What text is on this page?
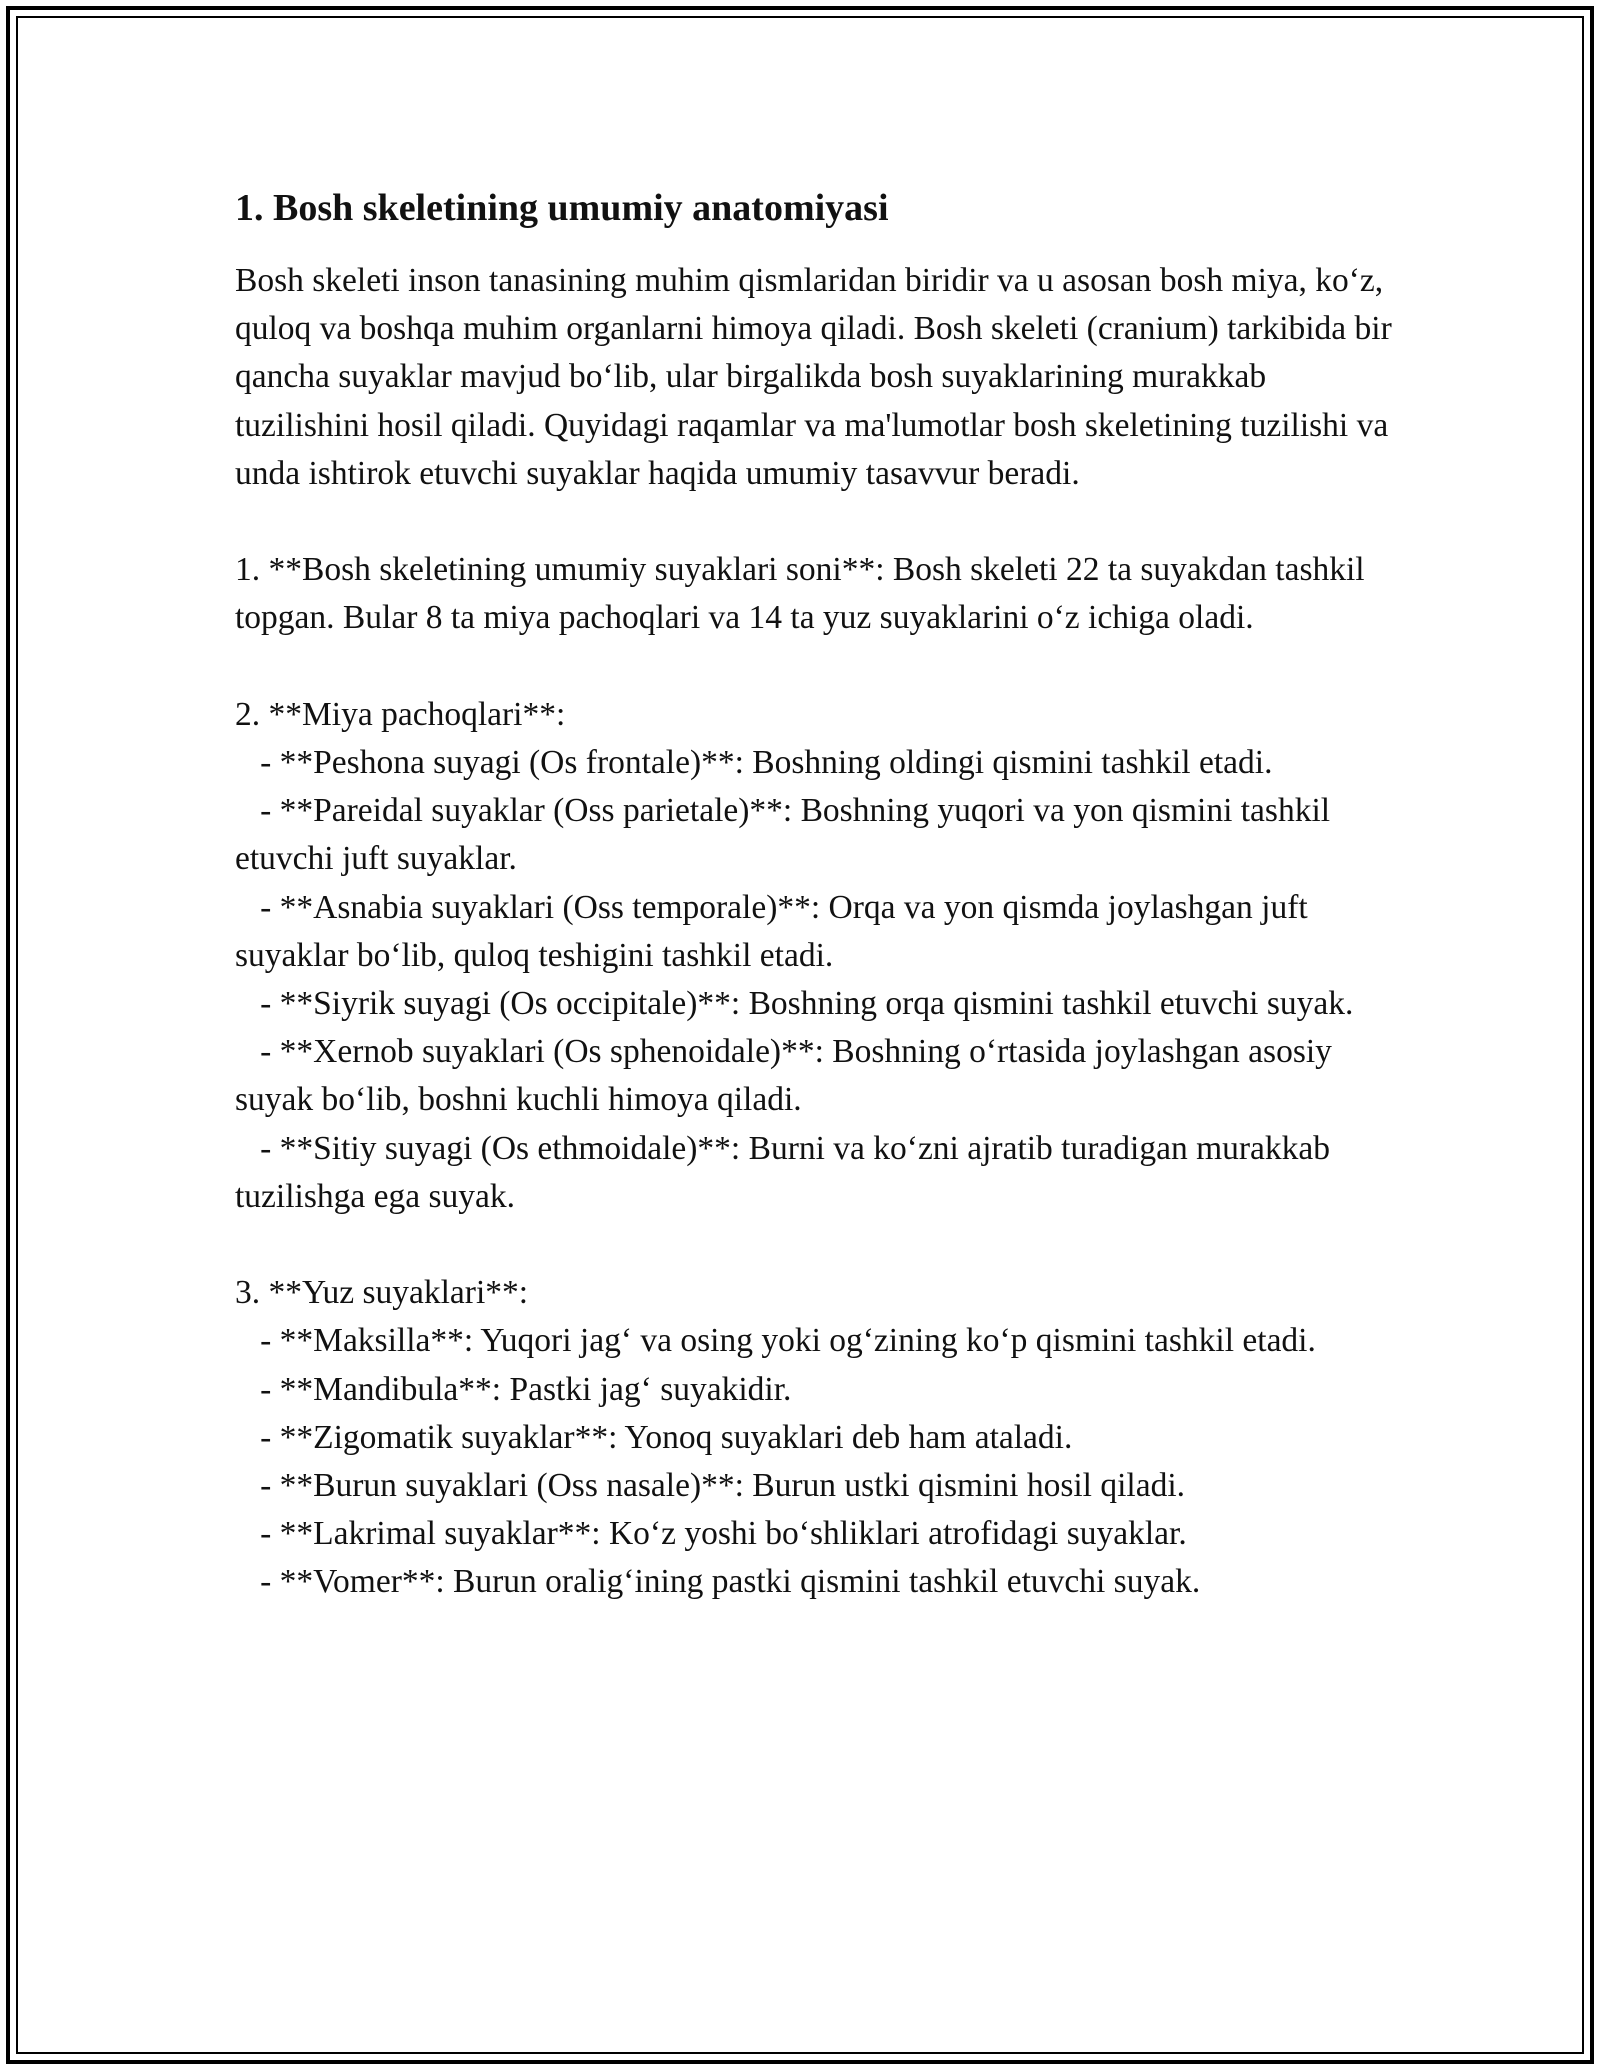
1. Bosh skeletining umumiy anatomiyasi

Bosh skeleti inson tanasining muhim qismlaridan biridir va u asosan bosh miya, ko‘z, quloq va boshqa muhim organlarni himoya qiladi. Bosh skeleti (cranium) tarkibida bir qancha suyaklar mavjud bo‘lib, ular birgalikda bosh suyaklarining murakkab tuzilishini hosil qiladi. Quyidagi raqamlar va ma'lumotlar bosh skeletining tuzilishi va unda ishtirok etuvchi suyaklar haqida umumiy tasavvur beradi.

1. **Bosh skeletining umumiy suyaklari soni**: Bosh skeleti 22 ta suyakdan tashkil topgan. Bular 8 ta miya pachoqlari va 14 ta yuz suyaklarini o‘z ichiga oladi.

2. **Miya pachoqlari**:
- **Peshona suyagi (Os frontale)**: Boshning oldingi qismini tashkil etadi.
- **Pareidal suyaklar (Oss parietale)**: Boshning yuqori va yon qismini tashkil etuvchi juft suyaklar.
- **Asnabia suyaklari (Oss temporale)**: Orqa va yon qismda joylashgan juft suyaklar bo‘lib, quloq teshigini tashkil etadi.
- **Siyrik suyagi (Os occipitale)**: Boshning orqa qismini tashkil etuvchi suyak.
- **Xernob suyaklari (Os sphenoidale)**: Boshning o‘rtasida joylashgan asosiy suyak bo‘lib, boshni kuchli himoya qiladi.
- **Sitiy suyagi (Os ethmoidale)**: Burni va ko‘zni ajratib turadigan murakkab tuzilishga ega suyak.

3. **Yuz suyaklari**:
- **Maksilla**: Yuqori jag‘ va osing yoki og‘zining ko‘p qismini tashkil etadi.
- **Mandibula**: Pastki jag‘ suyakidir.
- **Zigomatik suyaklar**: Yonoq suyaklari deb ham ataladi.
- **Burun suyaklari (Oss nasale)**: Burun ustki qismini hosil qiladi.
- **Lakrimal suyaklar**: Ko‘z yoshi bo‘shliklari atrofidagi suyaklar.
- **Vomer**: Burun oralig‘ining pastki qismini tashkil etuvchi suyak.
